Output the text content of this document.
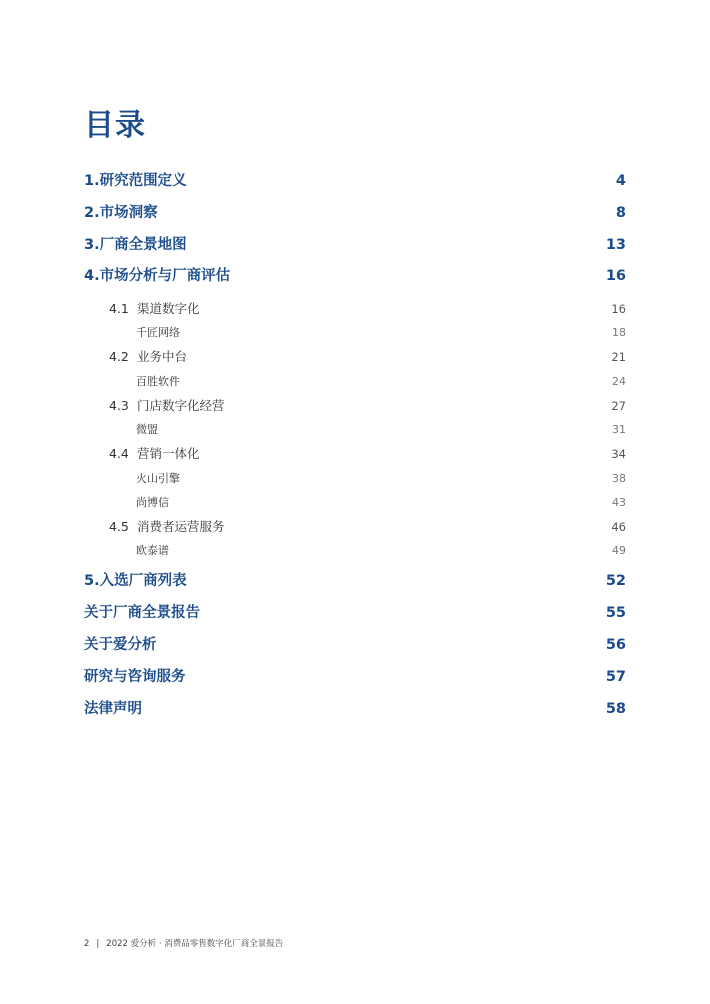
目录
1.研究范围定义	4
2.市场洞察	8
3.厂商全景地图	13
4.市场分析与厂商评估	16
4.1 渠道数字化	16
千匠网络	18
4.2 业务中台	21
百胜软件	24
4.3 门店数字化经营	27
微盟	31
4.4 营销一体化	34
火山引擎	38
尚博信	43
4.5 消费者运营服务	46
欧泰谱	49
5.入选厂商列表	52
关于厂商全景报告	55
关于爱分析	56
研究与咨询服务	57
法律声明	58
2 | 2022 爱分析 · 消费品零售数字化厂商全景报告
